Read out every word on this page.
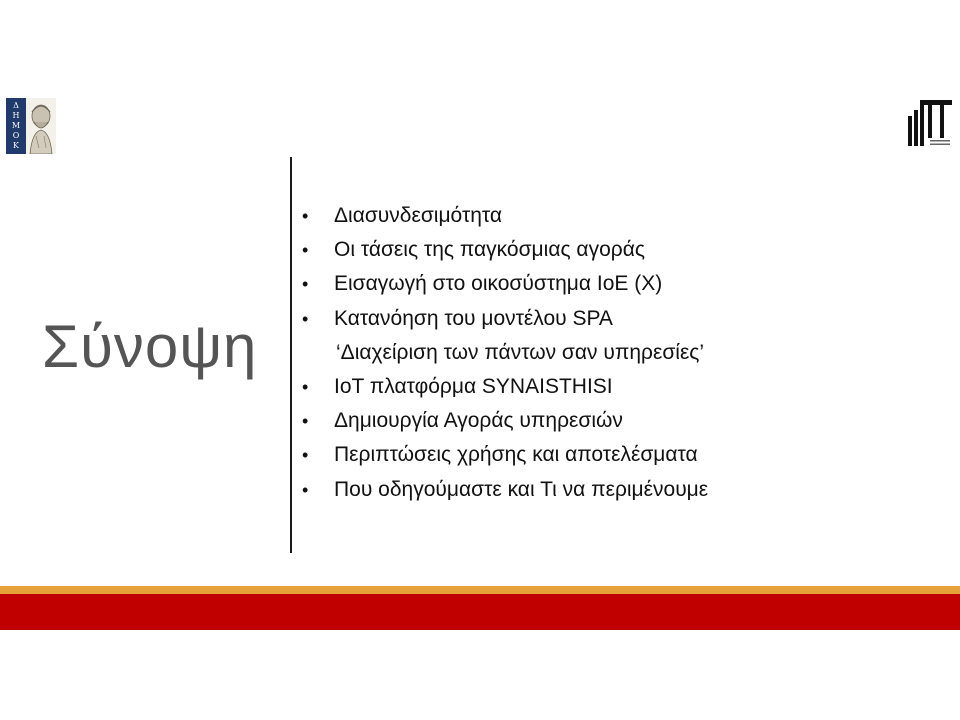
Δ
Η
Μ
Ο
Κ
Σύνοψη
•	Διασυνδεσιμότητα
•	Οι τάσεις της παγκόσμιας αγοράς
•	Εισαγωγή στο οικοσύστημα IoE (X)
•	Κατανόηση του μοντέλου SPA
‘Διαχείριση των πάντων σαν υπηρεσίες’
•	IoT πλατφόρμα SYNAISTHISI
•	Δημιουργία Αγοράς υπηρεσιών
•	Περιπτώσεις χρήσης και αποτελέσματα
•	Που οδηγούμαστε και Τι να περιμένουμε
